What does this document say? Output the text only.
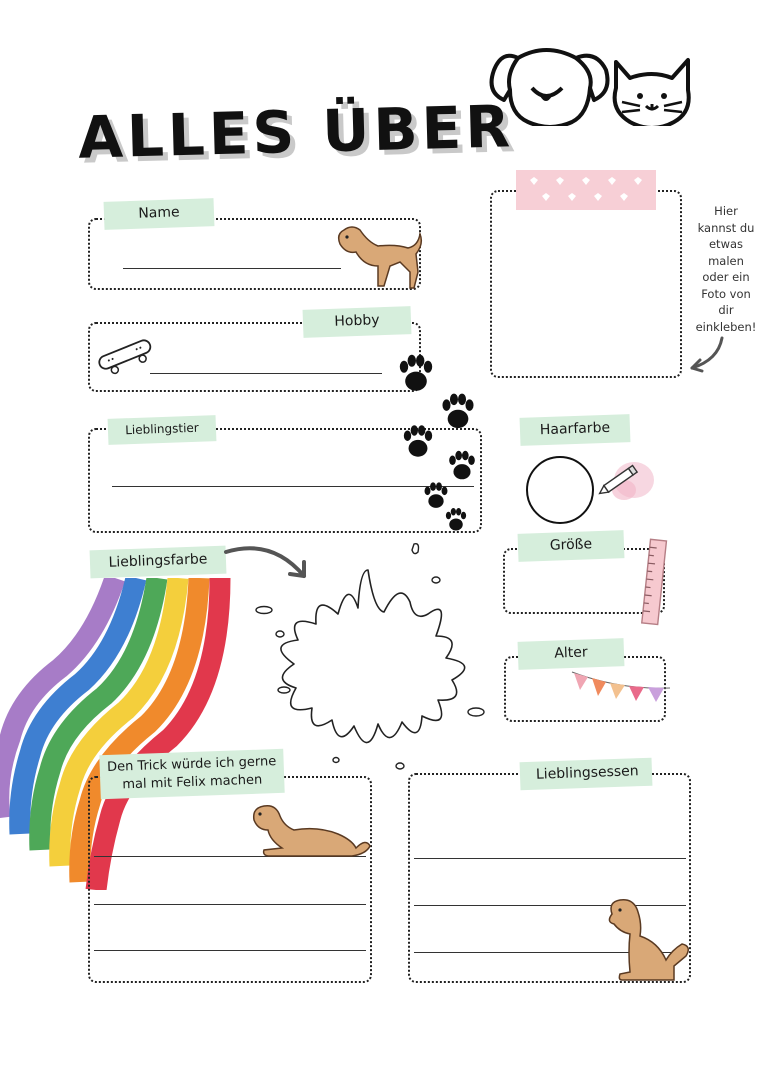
ALLES ÜBER
Name
Hobby
Lieblingstier
Hier
kannst du
etwas
malen
oder ein
Foto von
dir
einkleben!
Haarfarbe
Größe
Alter
Lieblingsfarbe
Den Trick würde ich gerne
mal mit Felix machen	Lieblingsessen
